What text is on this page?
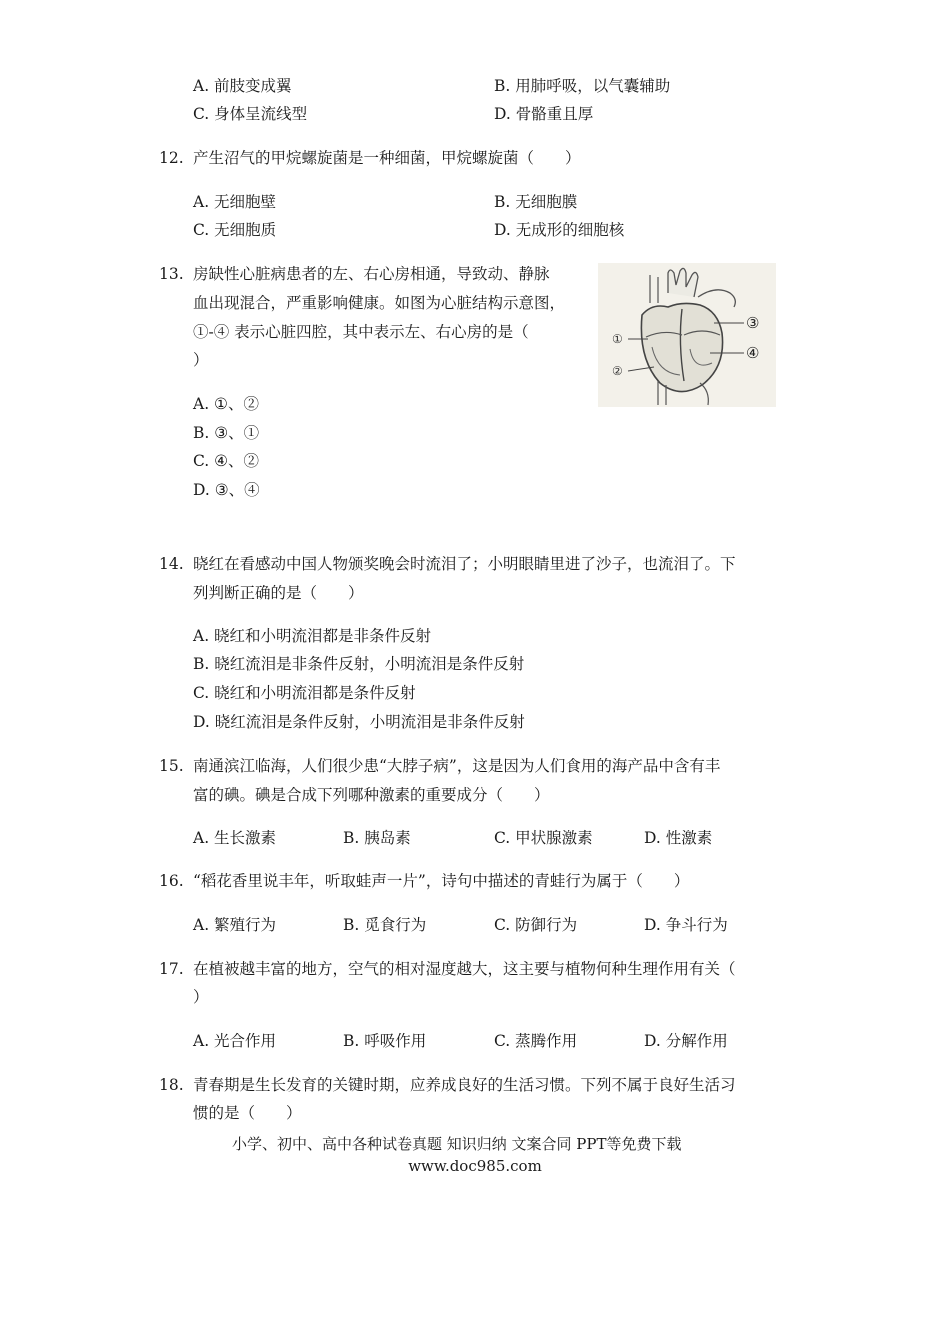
A. 前肢变成翼	B. 用肺呼吸，以气囊辅助
C. 身体呈流线型	D. 骨骼重且厚
12. 产生沼气的甲烷螺旋菌是一种细菌，甲烷螺旋菌（　　）
A. 无细胞壁	B. 无细胞膜
C. 无细胞质	D. 无成形的细胞核
13. 房缺性心脏病患者的左、右心房相通，导致动、静脉
血出现混合，严重影响健康。如图为心脏结构示意图，
①-④ 表示心脏四腔，其中表示左、右心房的是（
）
A. ①、②
B. ③、①
C. ④、②
D. ③、④
①
②
③
④
14. 晓红在看感动中国人物颁奖晚会时流泪了；小明眼睛里进了沙子，也流泪了。下
列判断正确的是（　　）
A. 晓红和小明流泪都是非条件反射
B. 晓红流泪是非条件反射，小明流泪是条件反射
C. 晓红和小明流泪都是条件反射
D. 晓红流泪是条件反射，小明流泪是非条件反射
15. 南通滨江临海，人们很少患“大脖子病”，这是因为人们食用的海产品中含有丰
富的碘。碘是合成下列哪种激素的重要成分（　　）
A. 生长激素	B. 胰岛素	C. 甲状腺激素	D. 性激素
16. “稻花香里说丰年，听取蛙声一片”，诗句中描述的青蛙行为属于（　　）
A. 繁殖行为	B. 觅食行为	C. 防御行为	D. 争斗行为
17. 在植被越丰富的地方，空气的相对湿度越大，这主要与植物何种生理作用有关（
）
A. 光合作用	B. 呼吸作用	C. 蒸腾作用	D. 分解作用
18. 青春期是生长发育的关键时期，应养成良好的生活习惯。下列不属于良好生活习
惯的是（　　）
小学、初中、高中各种试卷真题 知识归纳 文案合同 PPT等免费下载
www.doc985.com
